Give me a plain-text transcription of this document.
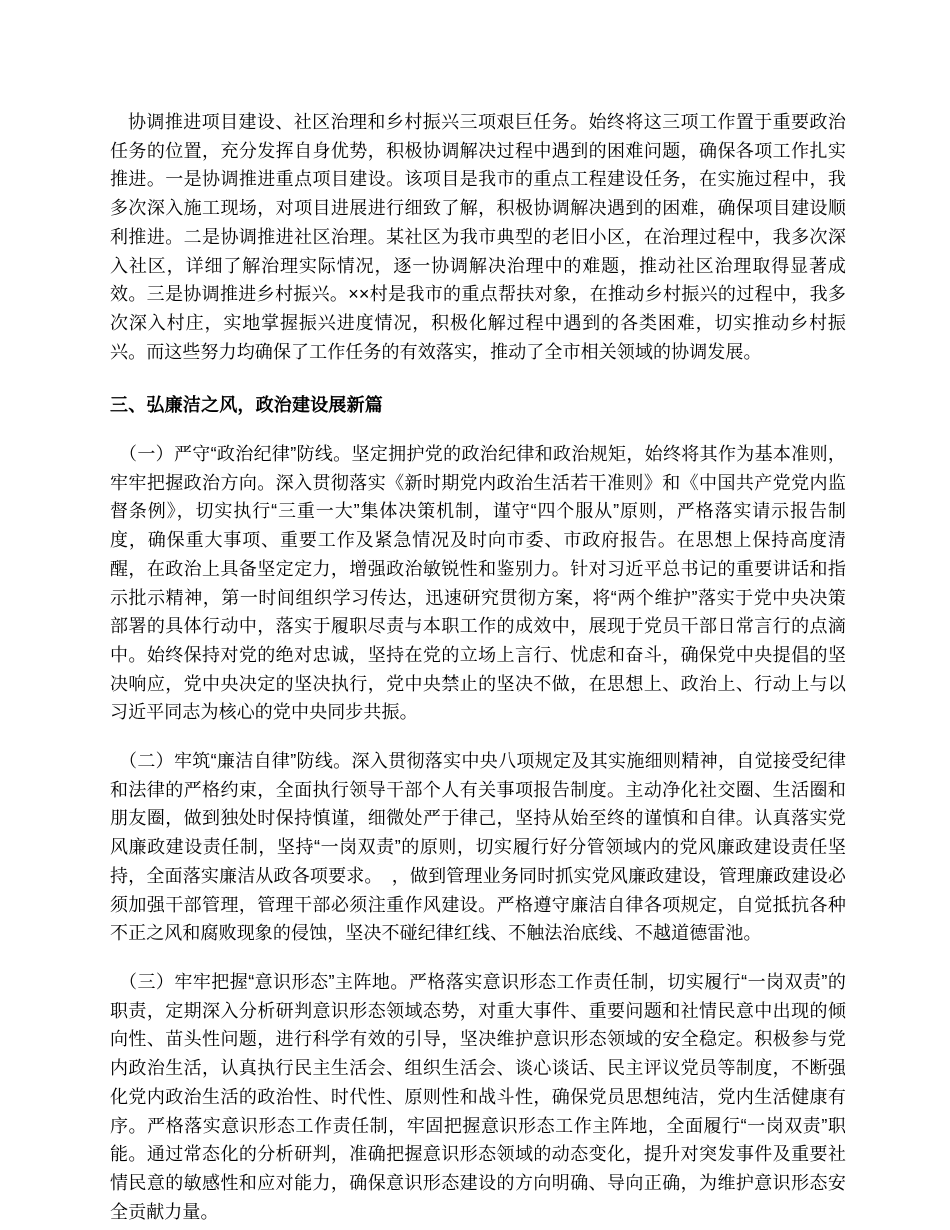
协调推进项目建设、社区治理和乡村振兴三项艰巨任务。始终将这三项工作置于重要政治任务的位置，充分发挥自身优势，积极协调解决过程中遇到的困难问题，确保各项工作扎实推进。一是协调推进重点项目建设。该项目是我市的重点工程建设任务，在实施过程中，我多次深入施工现场，对项目进展进行细致了解，积极协调解决遇到的困难，确保项目建设顺利推进。二是协调推进社区治理。某社区为我市典型的老旧小区，在治理过程中，我多次深入社区，详细了解治理实际情况，逐一协调解决治理中的难题，推动社区治理取得显著成效。三是协调推进乡村振兴。××村是我市的重点帮扶对象，在推动乡村振兴的过程中，我多次深入村庄，实地掌握振兴进度情况，积极化解过程中遇到的各类困难，切实推动乡村振兴。而这些努力均确保了工作任务的有效落实，推动了全市相关领域的协调发展。

三、弘廉洁之风，政治建设展新篇

（一）严守“政治纪律”防线。坚定拥护党的政治纪律和政治规矩，始终将其作为基本准则，牢牢把握政治方向。深入贯彻落实《新时期党内政治生活若干准则》和《中国共产党党内监督条例》，切实执行“三重一大”集体决策机制，谨守“四个服从”原则，严格落实请示报告制度，确保重大事项、重要工作及紧急情况及时向市委、市政府报告。在思想上保持高度清醒，在政治上具备坚定定力，增强政治敏锐性和鉴别力。针对习近平总书记的重要讲话和指示批示精神，第一时间组织学习传达，迅速研究贯彻方案，将“两个维护”落实于党中央决策部署的具体行动中，落实于履职尽责与本职工作的成效中，展现于党员干部日常言行的点滴中。始终保持对党的绝对忠诚，坚持在党的立场上言行、忧虑和奋斗，确保党中央提倡的坚决响应，党中央决定的坚决执行，党中央禁止的坚决不做，在思想上、政治上、行动上与以习近平同志为核心的党中央同步共振。

（二）牢筑“廉洁自律”防线。深入贯彻落实中央八项规定及其实施细则精神，自觉接受纪律和法律的严格约束，全面执行领导干部个人有关事项报告制度。主动净化社交圈、生活圈和朋友圈，做到独处时保持慎谨，细微处严于律己，坚持从始至终的谨慎和自律。认真落实党风廉政建设责任制，坚持“一岗双责”的原则，切实履行好分管领域内的党风廉政建设责任坚持，全面落实廉洁从政各项要求。　，做到管理业务同时抓实党风廉政建设，管理廉政建设必须加强干部管理，管理干部必须注重作风建设。严格遵守廉洁自律各项规定，自觉抵抗各种不正之风和腐败现象的侵蚀，坚决不碰纪律红线、不触法治底线、不越道德雷池。

（三）牢牢把握“意识形态”主阵地。严格落实意识形态工作责任制，切实履行“一岗双责”的职责，定期深入分析研判意识形态领域态势，对重大事件、重要问题和社情民意中出现的倾向性、苗头性问题，进行科学有效的引导，坚决维护意识形态领域的安全稳定。积极参与党内政治生活，认真执行民主生活会、组织生活会、谈心谈话、民主评议党员等制度，不断强化党内政治生活的政治性、时代性、原则性和战斗性，确保党员思想纯洁，党内生活健康有序。严格落实意识形态工作责任制，牢固把握意识形态工作主阵地，全面履行“一岗双责”职能。通过常态化的分析研判，准确把握意识形态领域的动态变化，提升对突发事件及重要社情民意的敏感性和应对能力，确保意识形态建设的方向明确、导向正确，为维护意识形态安全贡献力量。
